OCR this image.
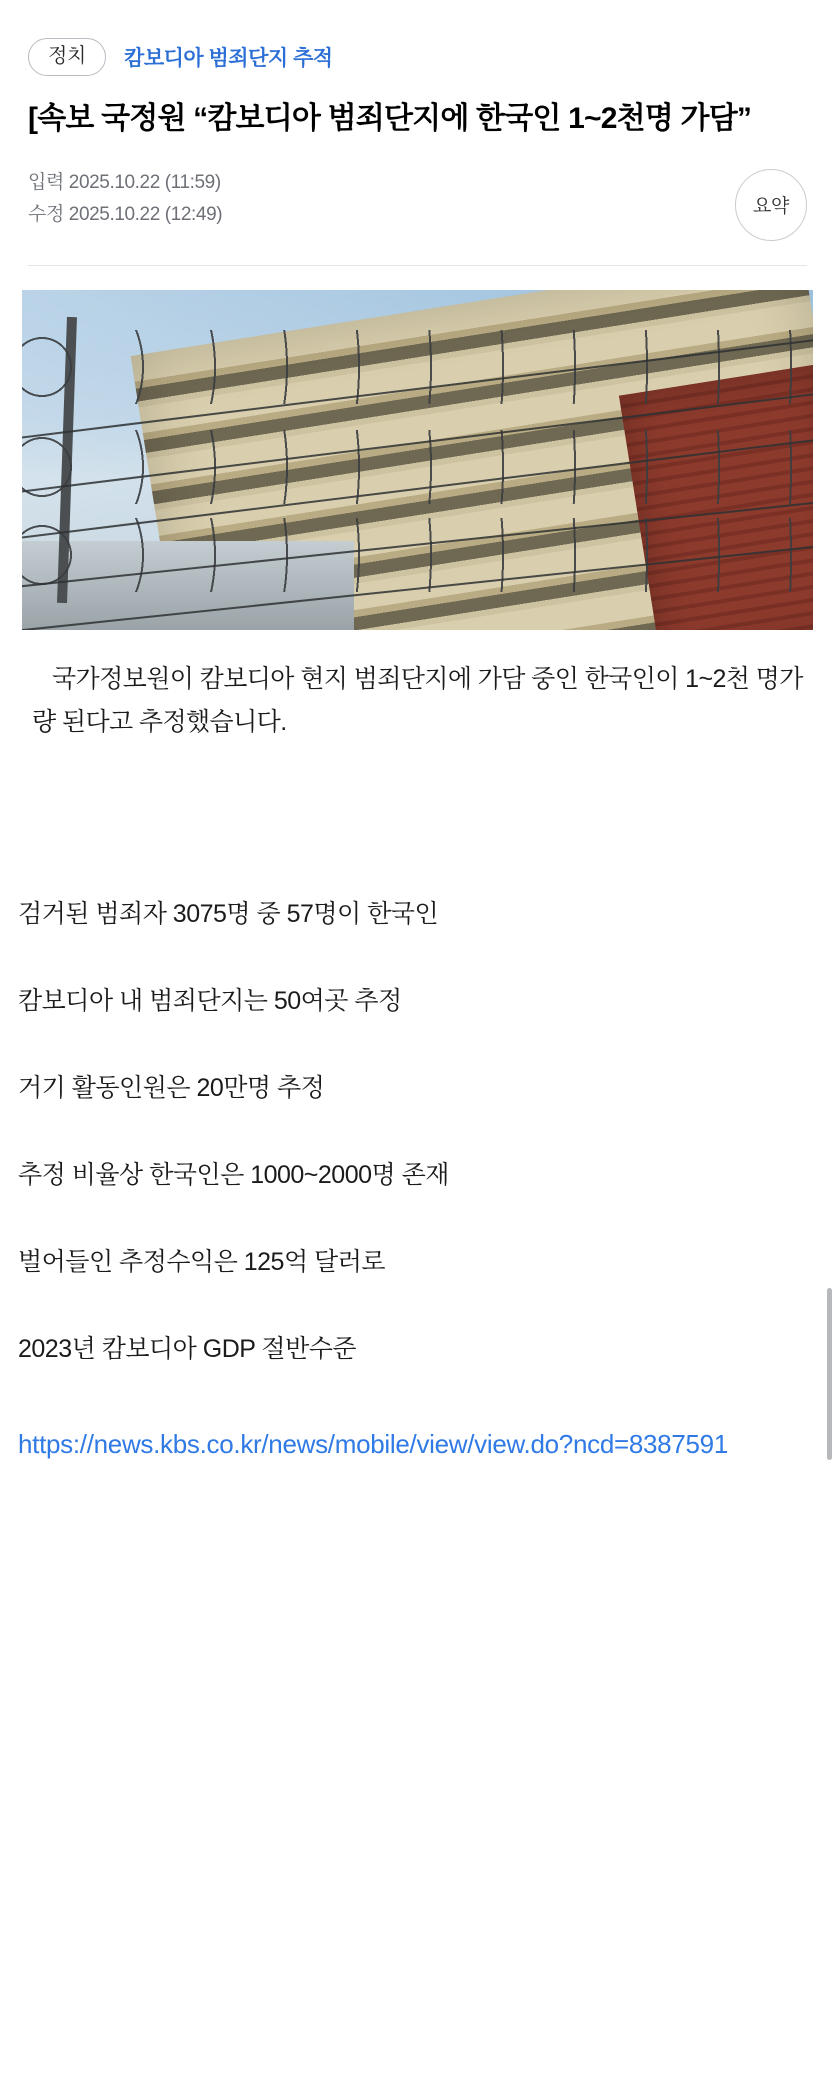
정치	캄보디아 범죄단지 추적
[속보 국정원 “캄보디아 범죄단지에 한국인 1~2천명 가담”
입력 2025.10.22 (11:59)
수정 2025.10.22 (12:49)	요약

국가정보원이 캄보디아 현지 범죄단지에 가담 중인 한국인이 1~2천 명가량 된다고 추정했습니다.

검거된 범죄자 3075명 중 57명이 한국인

캄보디아 내 범죄단지는 50여곳 추정

거기 활동인원은 20만명 추정

추정 비율상 한국인은 1000~2000명 존재

벌어들인 추정수익은 125억 달러로

2023년 캄보디아 GDP 절반수준

https://news.kbs.co.kr/news/mobile/view/view.do?ncd=8387591
